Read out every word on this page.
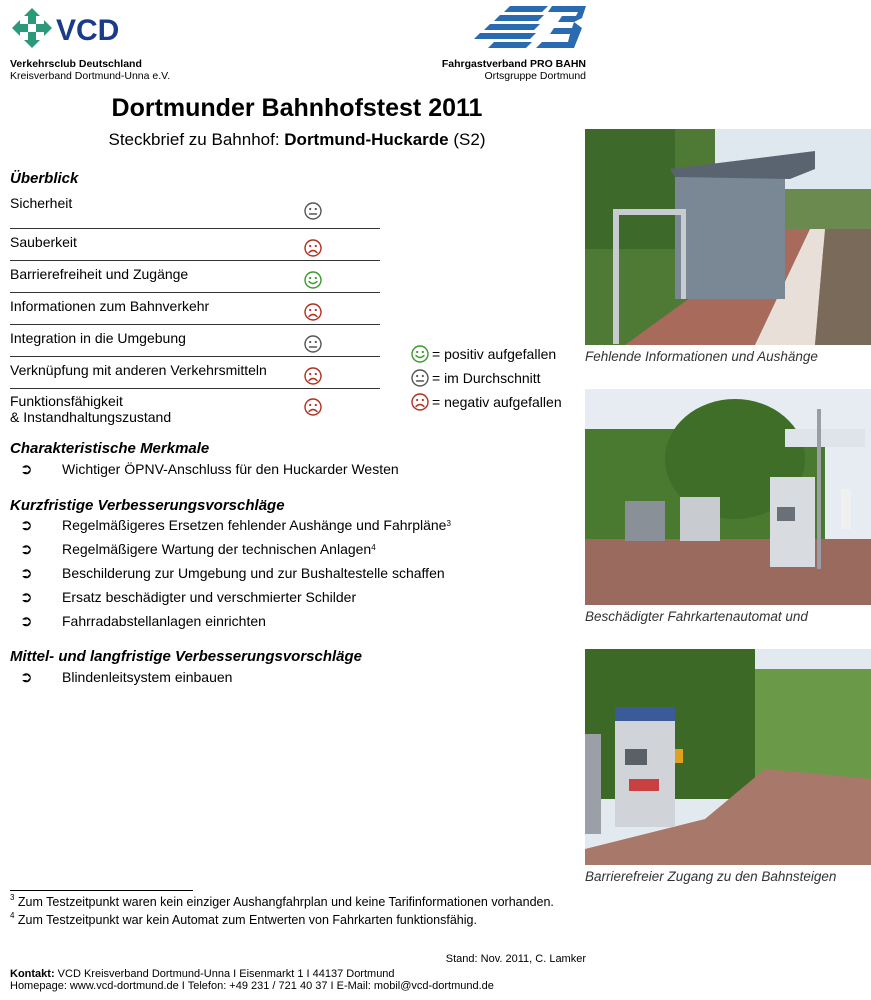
VCD
Verkehrsclub Deutschland
Kreisverband Dortmund-Unna e.V.
Fahrgastverband PRO BAHN
Ortsgruppe Dortmund
Dortmunder Bahnhofstest 2011
Steckbrief zu Bahnhof: Dortmund-Huckarde (S2)
Überblick
Sicherheit
Sauberkeit
Barrierefreiheit und Zugänge
Informationen zum Bahnverkehr
Integration in die Umgebung
Verknüpfung mit anderen Verkehrsmitteln
Funktionsfähigkeit
& Instandhaltungszustand
= positiv aufgefallen
= im Durchschnitt
= negativ aufgefallen
Charakteristische Merkmale
➲ Wichtiger ÖPNV-Anschluss für den Huckarder Westen
Kurzfristige Verbesserungsvorschläge
➲ Regelmäßigeres Ersetzen fehlender Aushänge und Fahrpläne$^3$
➲ Regelmäßigere Wartung der technischen Anlagen$^4$
➲ Beschilderung zur Umgebung und zur Bushaltestelle schaffen
➲ Ersatz beschädigter und verschmierter Schilder
➲ Fahrradabstellanlagen einrichten
Mittel- und langfristige Verbesserungsvorschläge
➲ Blindenleitsystem einbauen
Fehlende Informationen und Aushänge
Beschädigter Fahrkartenautomat und
Barrierefreier Zugang zu den Bahnsteigen
$^3$ Zum Testzeitpunkt waren kein einziger Aushangfahrplan und keine Tarifinformationen vorhanden.
$^4$ Zum Testzeitpunkt war kein Automat zum Entwerten von Fahrkarten funktionsfähig.
Stand: Nov. 2011, C. Lamker
Kontakt: VCD Kreisverband Dortmund-Unna I Eisenmarkt 1 I 44137 Dortmund
Homepage: www.vcd-dortmund.de I Telefon: +49 231 / 721 40 37 I E-Mail: mobil@vcd-dortmund.de
